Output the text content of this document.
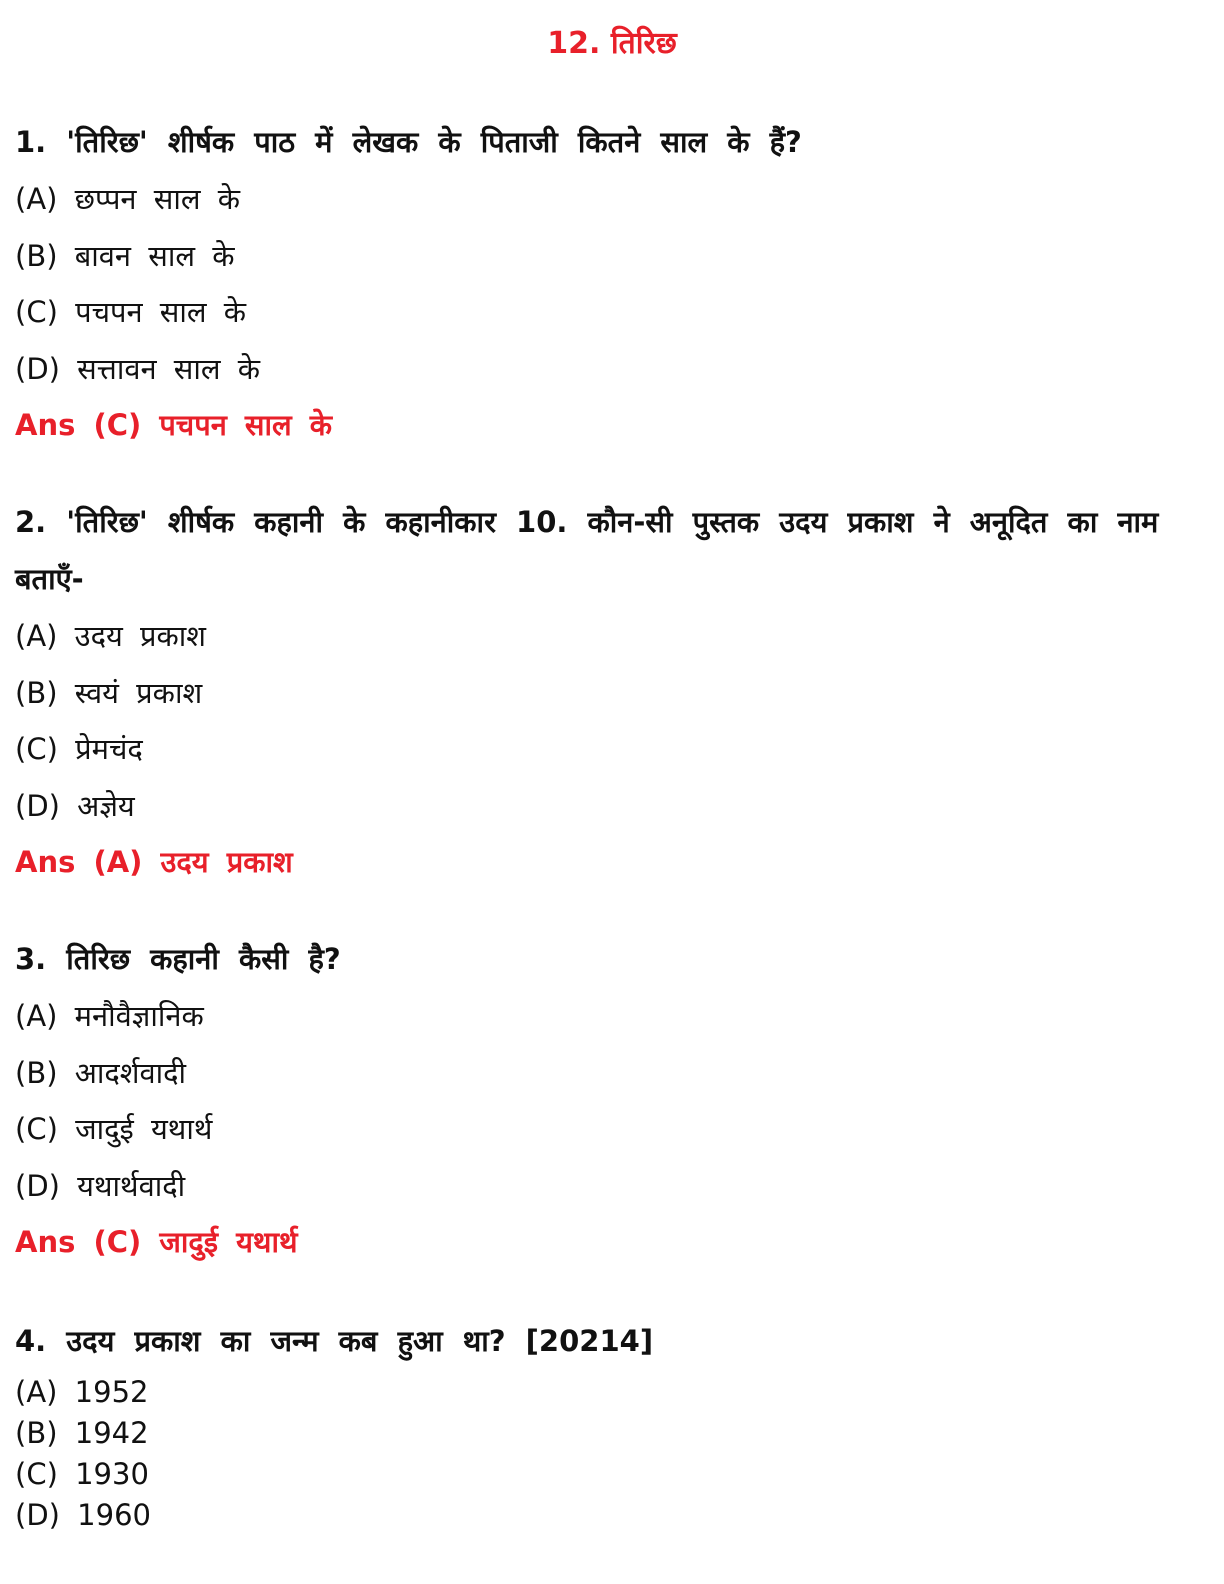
12. तिरिछ

1. 'तिरिछ' शीर्षक पाठ में लेखक के पिताजी कितने साल के हैं?

(A) छप्पन साल के

(B) बावन साल के

(C) पचपन साल के

(D) सत्तावन साल के

Ans (C) पचपन साल के

2. 'तिरिछ' शीर्षक कहानी के कहानीकार 10. कौन-सी पुस्तक उदय प्रकाश ने अनूदित का नाम बताएँ-

(A) उदय प्रकाश

(B) स्वयं प्रकाश

(C) प्रेमचंद

(D) अज्ञेय

Ans (A) उदय प्रकाश

3. तिरिछ कहानी कैसी है?

(A) मनौवैज्ञानिक

(B) आदर्शवादी

(C) जादुई यथार्थ

(D) यथार्थवादी

Ans (C) जादुई यथार्थ

4. उदय प्रकाश का जन्म कब हुआ था? [20214]

(A) 1952

(B) 1942

(C) 1930

(D) 1960
